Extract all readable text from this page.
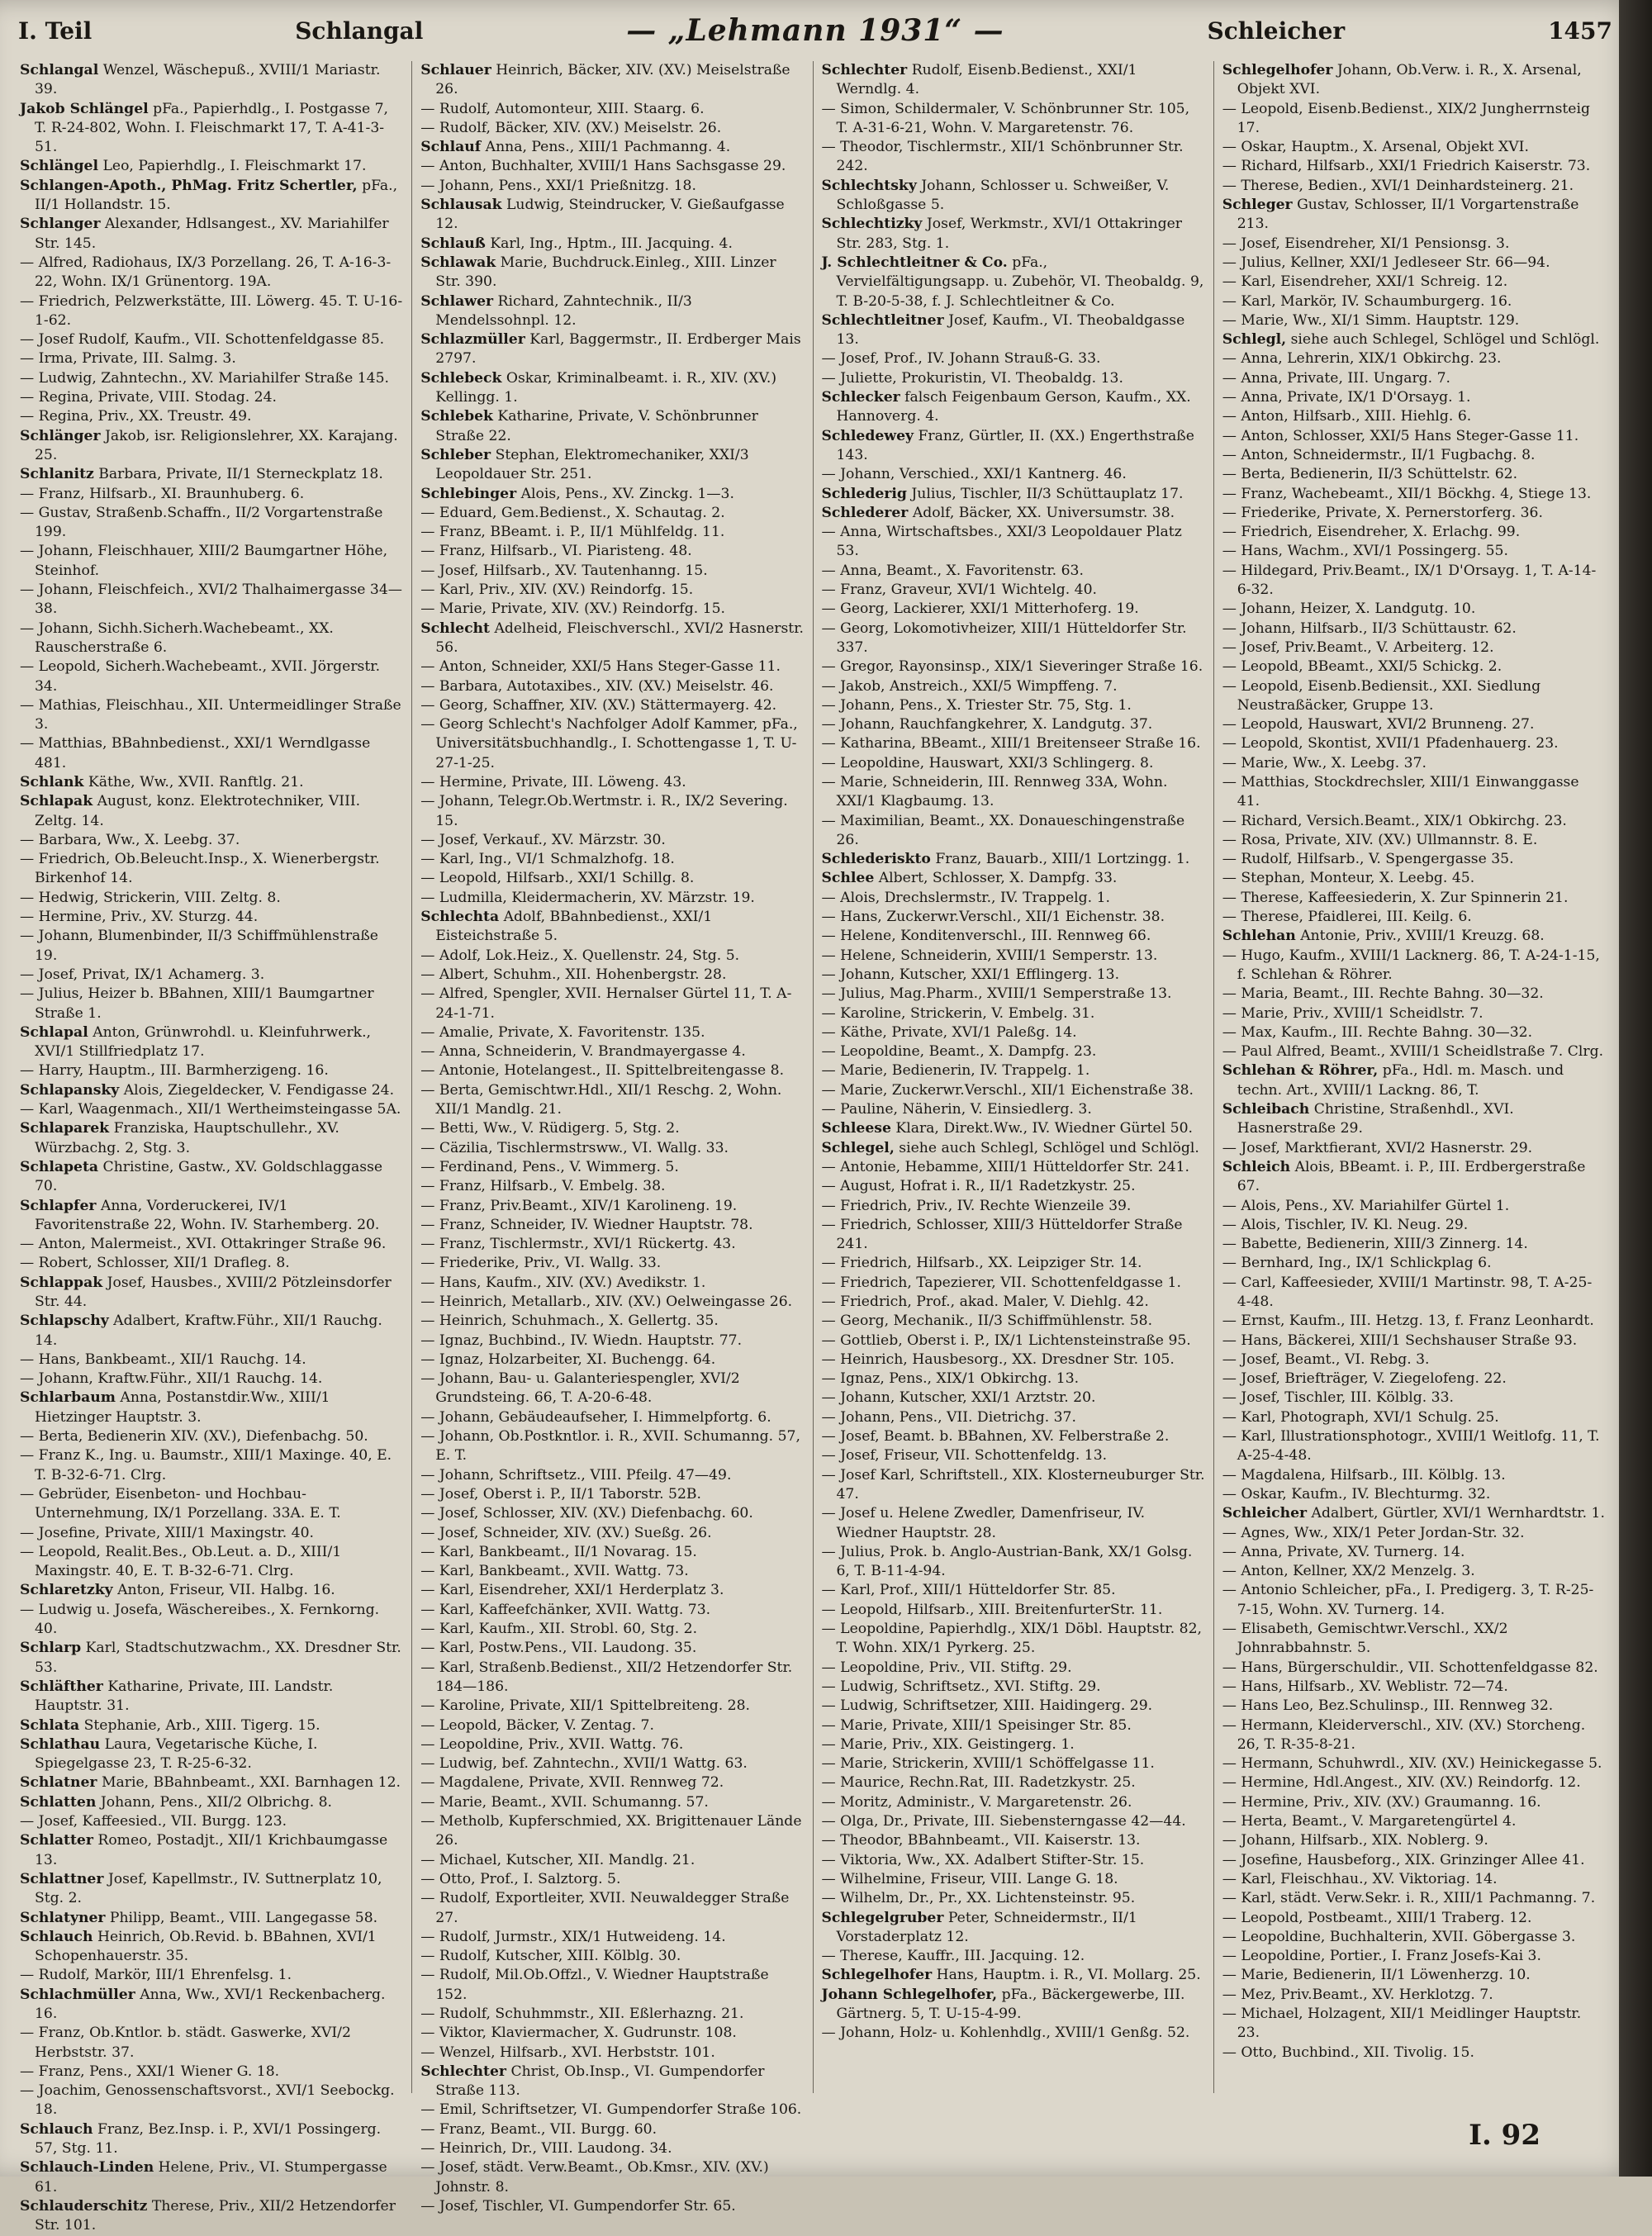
I. Teil	Schlangal	— „Lehmann 1931“ —	Schleicher	1457

Schlangal Wenzel, Wäschepuß., XVIII/1 Mariastr. 39.

Jakob Schlängel pFa., Papierhdlg., I. Postgasse 7, T. R-24-802, Wohn. I. Fleischmarkt 17, T. A-41-3-51.

Schlängel Leo, Papierhdlg., I. Fleischmarkt 17.

Schlangen-Apoth., PhMag. Fritz Schertler, pFa., II/1 Hollandstr. 15.

Schlanger Alexander, Hdlsangest., XV. Mariahilfer Str. 145.

— Alfred, Radiohaus, IX/3 Porzellang. 26, T. A-16-3-22, Wohn. IX/1 Grünentorg. 19A.

— Friedrich, Pelzwerkstätte, III. Löwerg. 45. T. U-16-1-62.

— Josef Rudolf, Kaufm., VII. Schottenfeldgasse 85.

— Irma, Private, III. Salmg. 3.

— Ludwig, Zahntechn., XV. Mariahilfer Straße 145.

— Regina, Private, VIII. Stodag. 24.

— Regina, Priv., XX. Treustr. 49.

Schlänger Jakob, isr. Religionslehrer, XX. Karajang. 25.

Schlanitz Barbara, Private, II/1 Sterneckplatz 18.

— Franz, Hilfsarb., XI. Braunhuberg. 6.

— Gustav, Straßenb.Schaffn., II/2 Vorgartenstraße 199.

— Johann, Fleischhauer, XIII/2 Baumgartner Höhe, Steinhof.

— Johann, Fleischfeich., XVI/2 Thalhaimergasse 34—38.

— Johann, Sichh.Sicherh.Wachebeamt., XX. Rauscherstraße 6.

— Leopold, Sicherh.Wachebeamt., XVII. Jörgerstr. 34.

— Mathias, Fleischhau., XII. Untermeidlinger Straße 3.

— Matthias, BBahnbedienst., XXI/1 Werndlgasse 481.

Schlank Käthe, Ww., XVII. Ranftlg. 21.

Schlapak August, konz. Elektrotechniker, VIII. Zeltg. 14.

— Barbara, Ww., X. Leebg. 37.

— Friedrich, Ob.Beleucht.Insp., X. Wienerbergstr. Birkenhof 14.

— Hedwig, Strickerin, VIII. Zeltg. 8.

— Hermine, Priv., XV. Sturzg. 44.

— Johann, Blumenbinder, II/3 Schiffmühlenstraße 19.

— Josef, Privat, IX/1 Achamerg. 3.

— Julius, Heizer b. BBahnen, XIII/1 Baumgartner Straße 1.

Schlapal Anton, Grünwrohdl. u. Kleinfuhrwerk., XVI/1 Stillfriedplatz 17.

— Harry, Hauptm., III. Barmherzigeng. 16.

Schlapansky Alois, Ziegeldecker, V. Fendigasse 24.

— Karl, Waagenmach., XII/1 Wertheimsteingasse 5A.

Schlaparek Franziska, Hauptschullehr., XV. Würzbachg. 2, Stg. 3.

Schlapeta Christine, Gastw., XV. Goldschlaggasse 70.

Schlapfer Anna, Vorderuckerei, IV/1 Favoritenstraße 22, Wohn. IV. Starhemberg. 20.

— Anton, Malermeist., XVI. Ottakringer Straße 96.

— Robert, Schlosser, XII/1 Drafleg. 8.

Schlappak Josef, Hausbes., XVIII/2 Pötzleinsdorfer Str. 44.

Schlapschy Adalbert, Kraftw.Führ., XII/1 Rauchg. 14.

— Hans, Bankbeamt., XII/1 Rauchg. 14.

— Johann, Kraftw.Führ., XII/1 Rauchg. 14.

Schlarbaum Anna, Postanstdir.Ww., XIII/1 Hietzinger Hauptstr. 3.

— Berta, Bedienerin XIV. (XV.), Diefenbachg. 50.

— Franz K., Ing. u. Baumstr., XIII/1 Maxinge. 40, E. T. B-32-6-71. Clrg.

— Gebrüder, Eisenbeton- und Hochbau-Unternehmung, IX/1 Porzellang. 33A. E. T.

— Josefine, Private, XIII/1 Maxingstr. 40.

— Leopold, Realit.Bes., Ob.Leut. a. D., XIII/1 Maxingstr. 40, E. T. B-32-6-71. Clrg.

Schlaretzky Anton, Friseur, VII. Halbg. 16.

— Ludwig u. Josefa, Wäschereibes., X. Fernkorng. 40.

Schlarp Karl, Stadtschutzwachm., XX. Dresdner Str. 53.

Schläfther Katharine, Private, III. Landstr. Hauptstr. 31.

Schlata Stephanie, Arb., XIII. Tigerg. 15.

Schlathau Laura, Vegetarische Küche, I. Spiegelgasse 23, T. R-25-6-32.

Schlatner Marie, BBahnbeamt., XXI. Barnhagen 12.

Schlatten Johann, Pens., XII/2 Olbrichg. 8.

— Josef, Kaffeesied., VII. Burgg. 123.

Schlatter Romeo, Postadjt., XII/1 Krichbaumgasse 13.

Schlattner Josef, Kapellmstr., IV. Suttnerplatz 10, Stg. 2.

Schlatyner Philipp, Beamt., VIII. Langegasse 58.

Schlauch Heinrich, Ob.Revid. b. BBahnen, XVI/1 Schopenhauerstr. 35.

— Rudolf, Markör, III/1 Ehrenfelsg. 1.

Schlachmüller Anna, Ww., XVI/1 Reckenbacherg. 16.

— Franz, Ob.Kntlor. b. städt. Gaswerke, XVI/2 Herbststr. 37.

— Franz, Pens., XXI/1 Wiener G. 18.

— Joachim, Genossenschaftsvorst., XVI/1 Seebockg. 18.

Schlauch Franz, Bez.Insp. i. P., XVI/1 Possingerg. 57, Stg. 11.

Schlauch-Linden Helene, Priv., VI. Stumpergasse 61.

Schlauderschitz Therese, Priv., XII/2 Hetzendorfer Str. 101.

Schlauer Heinrich, Bäcker, XIV. (XV.) Meiselstraße 26.

— Rudolf, Automonteur, XIII. Staarg. 6.

— Rudolf, Bäcker, XIV. (XV.) Meiselstr. 26.

Schlauf Anna, Pens., XIII/1 Pachmanng. 4.

— Anton, Buchhalter, XVIII/1 Hans Sachsgasse 29.

— Johann, Pens., XXI/1 Prießnitzg. 18.

Schlausak Ludwig, Steindrucker, V. Gießaufgasse 12.

Schlauß Karl, Ing., Hptm., III. Jacquing. 4.

Schlawak Marie, Buchdruck.Einleg., XIII. Linzer Str. 390.

Schlawer Richard, Zahntechnik., II/3 Mendelssohnpl. 12.

Schlazmüller Karl, Baggermstr., II. Erdberger Mais 2797.

Schlebeck Oskar, Kriminalbeamt. i. R., XIV. (XV.) Kellingg. 1.

Schlebek Katharine, Private, V. Schönbrunner Straße 22.

Schleber Stephan, Elektromechaniker, XXI/3 Leopoldauer Str. 251.

Schlebinger Alois, Pens., XV. Zinckg. 1—3.

— Eduard, Gem.Bedienst., X. Schautag. 2.

— Franz, BBeamt. i. P., II/1 Mühlfeldg. 11.

— Franz, Hilfsarb., VI. Piaristeng. 48.

— Josef, Hilfsarb., XV. Tautenhanng. 15.

— Karl, Priv., XIV. (XV.) Reindorfg. 15.

— Marie, Private, XIV. (XV.) Reindorfg. 15.

Schlecht Adelheid, Fleischverschl., XVI/2 Hasnerstr. 56.

— Anton, Schneider, XXI/5 Hans Steger-Gasse 11.

— Barbara, Autotaxibes., XIV. (XV.) Meiselstr. 46.

— Georg, Schaffner, XIV. (XV.) Stättermayerg. 42.

— Georg Schlecht's Nachfolger Adolf Kammer, pFa., Universitätsbuchhandlg., I. Schottengasse 1, T. U-27-1-25.

— Hermine, Private, III. Löweng. 43.

— Johann, Telegr.Ob.Wertmstr. i. R., IX/2 Severing. 15.

— Josef, Verkauf., XV. Märzstr. 30.

— Karl, Ing., VI/1 Schmalzhofg. 18.

— Leopold, Hilfsarb., XXI/1 Schillg. 8.

— Ludmilla, Kleidermacherin, XV. Märzstr. 19.

Schlechta Adolf, BBahnbedienst., XXI/1 Eisteichstraße 5.

— Adolf, Lok.Heiz., X. Quellenstr. 24, Stg. 5.

— Albert, Schuhm., XII. Hohenbergstr. 28.

— Alfred, Spengler, XVII. Hernalser Gürtel 11, T. A-24-1-71.

— Amalie, Private, X. Favoritenstr. 135.

— Anna, Schneiderin, V. Brandmayergasse 4.

— Antonie, Hotelangest., II. Spittelbreitengasse 8.

— Berta, Gemischtwr.Hdl., XII/1 Reschg. 2, Wohn. XII/1 Mandlg. 21.

— Betti, Ww., V. Rüdigerg. 5, Stg. 2.

— Cäzilia, Tischlermstrsww., VI. Wallg. 33.

— Ferdinand, Pens., V. Wimmerg. 5.

— Franz, Hilfsarb., V. Embelg. 38.

— Franz, Priv.Beamt., XIV/1 Karolineng. 19.

— Franz, Schneider, IV. Wiedner Hauptstr. 78.

— Franz, Tischlermstr., XVI/1 Rückertg. 43.

— Friederike, Priv., VI. Wallg. 33.

— Hans, Kaufm., XIV. (XV.) Avedikstr. 1.

— Heinrich, Metallarb., XIV. (XV.) Oelweingasse 26.

— Heinrich, Schuhmach., X. Gellertg. 35.

— Ignaz, Buchbind., IV. Wiedn. Hauptstr. 77.

— Ignaz, Holzarbeiter, XI. Buchengg. 64.

— Johann, Bau- u. Galanteriespengler, XVI/2 Grundsteing. 66, T. A-20-6-48.

— Johann, Gebäudeaufseher, I. Himmelpfortg. 6.

— Johann, Ob.Postkntlor. i. R., XVII. Schumanng. 57, E. T.

— Johann, Schriftsetz., VIII. Pfeilg. 47—49.

— Josef, Oberst i. P., II/1 Taborstr. 52B.

— Josef, Schlosser, XIV. (XV.) Diefenbachg. 60.

— Josef, Schneider, XIV. (XV.) Sueßg. 26.

— Karl, Bankbeamt., II/1 Novarag. 15.

— Karl, Bankbeamt., XVII. Wattg. 73.

— Karl, Eisendreher, XXI/1 Herderplatz 3.

— Karl, Kaffeefchänker, XVII. Wattg. 73.

— Karl, Kaufm., XII. Strobl. 60, Stg. 2.

— Karl, Postw.Pens., VII. Laudong. 35.

— Karl, Straßenb.Bedienst., XII/2 Hetzendorfer Str. 184—186.

— Karoline, Private, XII/1 Spittelbreiteng. 28.

— Leopold, Bäcker, V. Zentag. 7.

— Leopoldine, Priv., XVII. Wattg. 76.

— Ludwig, bef. Zahntechn., XVII/1 Wattg. 63.

— Magdalene, Private, XVII. Rennweg 72.

— Marie, Beamt., XVII. Schumanng. 57.

— Metholb, Kupferschmied, XX. Brigittenauer Lände 26.

— Michael, Kutscher, XII. Mandlg. 21.

— Otto, Prof., I. Salztorg. 5.

— Rudolf, Exportleiter, XVII. Neuwaldegger Straße 27.

— Rudolf, Jurmstr., XIX/1 Hutweideng. 14.

— Rudolf, Kutscher, XIII. Kölblg. 30.

— Rudolf, Mil.Ob.Offzl., V. Wiedner Hauptstraße 152.

— Rudolf, Schuhmmstr., XII. Eßlerhazng. 21.

— Viktor, Klaviermacher, X. Gudrunstr. 108.

— Wenzel, Hilfsarb., XVI. Herbststr. 101.

Schlechter Christ, Ob.Insp., VI. Gumpendorfer Straße 113.

— Emil, Schriftsetzer, VI. Gumpendorfer Straße 106.

— Franz, Beamt., VII. Burgg. 60.

— Heinrich, Dr., VIII. Laudong. 34.

— Josef, städt. Verw.Beamt., Ob.Kmsr., XIV. (XV.) Johnstr. 8.

— Josef, Tischler, VI. Gumpendorfer Str. 65.

Schlechter Rudolf, Eisenb.Bedienst., XXI/1 Werndlg. 4.

— Simon, Schildermaler, V. Schönbrunner Str. 105, T. A-31-6-21, Wohn. V. Margaretenstr. 76.

— Theodor, Tischlermstr., XII/1 Schönbrunner Str. 242.

Schlechtsky Johann, Schlosser u. Schweißer, V. Schloßgasse 5.

Schlechtizky Josef, Werkmstr., XVI/1 Ottakringer Str. 283, Stg. 1.

J. Schlechtleitner & Co. pFa., Vervielfältigungsapp. u. Zubehör, VI. Theobaldg. 9, T. B-20-5-38, f. J. Schlechtleitner & Co.

Schlechtleitner Josef, Kaufm., VI. Theobaldgasse 13.

— Josef, Prof., IV. Johann Strauß-G. 33.

— Juliette, Prokuristin, VI. Theobaldg. 13.

Schlecker falsch Feigenbaum Gerson, Kaufm., XX. Hannoverg. 4.

Schledewey Franz, Gürtler, II. (XX.) Engerthstraße 143.

— Johann, Verschied., XXI/1 Kantnerg. 46.

Schlederig Julius, Tischler, II/3 Schüttauplatz 17.

Schlederer Adolf, Bäcker, XX. Universumstr. 38.

— Anna, Wirtschaftsbes., XXI/3 Leopoldauer Platz 53.

— Anna, Beamt., X. Favoritenstr. 63.

— Franz, Graveur, XVI/1 Wichtelg. 40.

— Georg, Lackierer, XXI/1 Mitterhoferg. 19.

— Georg, Lokomotivheizer, XIII/1 Hütteldorfer Str. 337.

— Gregor, Rayonsinsp., XIX/1 Sieveringer Straße 16.

— Jakob, Anstreich., XXI/5 Wimpffeng. 7.

— Johann, Pens., X. Triester Str. 75, Stg. 1.

— Johann, Rauchfangkehrer, X. Landgutg. 37.

— Katharina, BBeamt., XIII/1 Breitenseer Straße 16.

— Leopoldine, Hauswart, XXI/3 Schlingerg. 8.

— Marie, Schneiderin, III. Rennweg 33A, Wohn. XXI/1 Klagbaumg. 13.

— Maximilian, Beamt., XX. Donaueschingenstraße 26.

Schlederiskto Franz, Bauarb., XIII/1 Lortzingg. 1.

Schlee Albert, Schlosser, X. Dampfg. 33.

— Alois, Drechslermstr., IV. Trappelg. 1.

— Hans, Zuckerwr.Verschl., XII/1 Eichenstr. 38.

— Helene, Konditenverschl., III. Rennweg 66.

— Helene, Schneiderin, XVIII/1 Semperstr. 13.

— Johann, Kutscher, XXI/1 Efflingerg. 13.

— Julius, Mag.Pharm., XVIII/1 Semperstraße 13.

— Karoline, Strickerin, V. Embelg. 31.

— Käthe, Private, XVI/1 Paleßg. 14.

— Leopoldine, Beamt., X. Dampfg. 23.

— Marie, Bedienerin, IV. Trappelg. 1.

— Marie, Zuckerwr.Verschl., XII/1 Eichenstraße 38.

— Pauline, Näherin, V. Einsiedlerg. 3.

Schleese Klara, Direkt.Ww., IV. Wiedner Gürtel 50.

Schlegel, siehe auch Schlegl, Schlögel und Schlögl.

— Antonie, Hebamme, XIII/1 Hütteldorfer Str. 241.

— August, Hofrat i. R., II/1 Radetzkystr. 25.

— Friedrich, Priv., IV. Rechte Wienzeile 39.

— Friedrich, Schlosser, XIII/3 Hütteldorfer Straße 241.

— Friedrich, Hilfsarb., XX. Leipziger Str. 14.

— Friedrich, Tapezierer, VII. Schottenfeldgasse 1.

— Friedrich, Prof., akad. Maler, V. Diehlg. 42.

— Georg, Mechanik., II/3 Schiffmühlenstr. 58.

— Gottlieb, Oberst i. P., IX/1 Lichtensteinstraße 95.

— Heinrich, Hausbesorg., XX. Dresdner Str. 105.

— Ignaz, Pens., XIX/1 Obkirchg. 13.

— Johann, Kutscher, XXI/1 Arztstr. 20.

— Johann, Pens., VII. Dietrichg. 37.

— Josef, Beamt. b. BBahnen, XV. Felberstraße 2.

— Josef, Friseur, VII. Schottenfeldg. 13.

— Josef Karl, Schriftstell., XIX. Klosterneuburger Str. 47.

— Josef u. Helene Zwedler, Damenfriseur, IV. Wiedner Hauptstr. 28.

— Julius, Prok. b. Anglo-Austrian-Bank, XX/1 Golsg. 6, T. B-11-4-94.

— Karl, Prof., XIII/1 Hütteldorfer Str. 85.

— Leopold, Hilfsarb., XIII. BreitenfurterStr. 11.

— Leopoldine, Papierhdlg., XIX/1 Döbl. Hauptstr. 82, T. Wohn. XIX/1 Pyrkerg. 25.

— Leopoldine, Priv., VII. Stiftg. 29.

— Ludwig, Schriftsetz., XVI. Stiftg. 29.

— Ludwig, Schriftsetzer, XIII. Haidingerg. 29.

— Marie, Private, XIII/1 Speisinger Str. 85.

— Marie, Priv., XIX. Geistingerg. 1.

— Marie, Strickerin, XVIII/1 Schöffelgasse 11.

— Maurice, Rechn.Rat, III. Radetzkystr. 25.

— Moritz, Administr., V. Margaretenstr. 26.

— Olga, Dr., Private, III. Siebensterngasse 42—44.

— Theodor, BBahnbeamt., VII. Kaiserstr. 13.

— Viktoria, Ww., XX. Adalbert Stifter-Str. 15.

— Wilhelmine, Friseur, VIII. Lange G. 18.

— Wilhelm, Dr., Pr., XX. Lichtensteinstr. 95.

Schlegelgruber Peter, Schneidermstr., II/1 Vorstaderplatz 12.

— Therese, Kauffr., III. Jacquing. 12.

Schlegelhofer Hans, Hauptm. i. R., VI. Mollarg. 25.

Johann Schlegelhofer, pFa., Bäckergewerbe, III. Gärtnerg. 5, T. U-15-4-99.

— Johann, Holz- u. Kohlenhdlg., XVIII/1 Genßg. 52.

Schlegelhofer Johann, Ob.Verw. i. R., X. Arsenal, Objekt XVI.

— Leopold, Eisenb.Bedienst., XIX/2 Jungherrnsteig 17.

— Oskar, Hauptm., X. Arsenal, Objekt XVI.

— Richard, Hilfsarb., XXI/1 Friedrich Kaiserstr. 73.

— Therese, Bedien., XVI/1 Deinhardsteinerg. 21.

Schleger Gustav, Schlosser, II/1 Vorgartenstraße 213.

— Josef, Eisendreher, XI/1 Pensionsg. 3.

— Julius, Kellner, XXI/1 Jedleseer Str. 66—94.

— Karl, Eisendreher, XXI/1 Schreig. 12.

— Karl, Markör, IV. Schaumburgerg. 16.

— Marie, Ww., XI/1 Simm. Hauptstr. 129.

Schlegl, siehe auch Schlegel, Schlögel und Schlögl.

— Anna, Lehrerin, XIX/1 Obkirchg. 23.

— Anna, Private, III. Ungarg. 7.

— Anna, Private, IX/1 D'Orsayg. 1.

— Anton, Hilfsarb., XIII. Hiehlg. 6.

— Anton, Schlosser, XXI/5 Hans Steger-Gasse 11.

— Anton, Schneidermstr., II/1 Fugbachg. 8.

— Berta, Bedienerin, II/3 Schüttelstr. 62.

— Franz, Wachebeamt., XII/1 Böckhg. 4, Stiege 13.

— Friederike, Private, X. Pernerstorferg. 36.

— Friedrich, Eisendreher, X. Erlachg. 99.

— Hans, Wachm., XVI/1 Possingerg. 55.

— Hildegard, Priv.Beamt., IX/1 D'Orsayg. 1, T. A-14-6-32.

— Johann, Heizer, X. Landgutg. 10.

— Johann, Hilfsarb., II/3 Schüttaustr. 62.

— Josef, Priv.Beamt., V. Arbeiterg. 12.

— Leopold, BBeamt., XXI/5 Schickg. 2.

— Leopold, Eisenb.Bediensit., XXI. Siedlung Neustraßäcker, Gruppe 13.

— Leopold, Hauswart, XVI/2 Brunneng. 27.

— Leopold, Skontist, XVII/1 Pfadenhauerg. 23.

— Marie, Ww., X. Leebg. 37.

— Matthias, Stockdrechsler, XIII/1 Einwanggasse 41.

— Richard, Versich.Beamt., XIX/1 Obkirchg. 23.

— Rosa, Private, XIV. (XV.) Ullmannstr. 8. E.

— Rudolf, Hilfsarb., V. Spengergasse 35.

— Stephan, Monteur, X. Leebg. 45.

— Therese, Kaffeesiederin, X. Zur Spinnerin 21.

— Therese, Pfaidlerei, III. Keilg. 6.

Schlehan Antonie, Priv., XVIII/1 Kreuzg. 68.

— Hugo, Kaufm., XVIII/1 Lacknerg. 86, T. A-24-1-15, f. Schlehan & Röhrer.

— Maria, Beamt., III. Rechte Bahng. 30—32.

— Marie, Priv., XVIII/1 Scheidlstr. 7.

— Max, Kaufm., III. Rechte Bahng. 30—32.

— Paul Alfred, Beamt., XVIII/1 Scheidlstraße 7. Clrg.

Schlehan & Röhrer, pFa., Hdl. m. Masch. und techn. Art., XVIII/1 Lackng. 86, T.

Schleibach Christine, Straßenhdl., XVI. Hasnerstraße 29.

— Josef, Marktfierant, XVI/2 Hasnerstr. 29.

Schleich Alois, BBeamt. i. P., III. Erdbergerstraße 67.

— Alois, Pens., XV. Mariahilfer Gürtel 1.

— Alois, Tischler, IV. Kl. Neug. 29.

— Babette, Bedienerin, XIII/3 Zinnerg. 14.

— Bernhard, Ing., IX/1 Schlickplag 6.

— Carl, Kaffeesieder, XVIII/1 Martinstr. 98, T. A-25-4-48.

— Ernst, Kaufm., III. Hetzg. 13, f. Franz Leonhardt.

— Hans, Bäckerei, XIII/1 Sechshauser Straße 93.

— Josef, Beamt., VI. Rebg. 3.

— Josef, Briefträger, V. Ziegelofeng. 22.

— Josef, Tischler, III. Kölblg. 33.

— Karl, Photograph, XVI/1 Schulg. 25.

— Karl, Illustrationsphotogr., XVIII/1 Weitlofg. 11, T. A-25-4-48.

— Magdalena, Hilfsarb., III. Kölblg. 13.

— Oskar, Kaufm., IV. Blechturmg. 32.

Schleicher Adalbert, Gürtler, XVI/1 Wernhardtstr. 1.

— Agnes, Ww., XIX/1 Peter Jordan-Str. 32.

— Anna, Private, XV. Turnerg. 14.

— Anton, Kellner, XX/2 Menzelg. 3.

— Antonio Schleicher, pFa., I. Predigerg. 3, T. R-25-7-15, Wohn. XV. Turnerg. 14.

— Elisabeth, Gemischtwr.Verschl., XX/2 Johnrabbahnstr. 5.

— Hans, Bürgerschuldir., VII. Schottenfeldgasse 82.

— Hans, Hilfsarb., XV. Weblistr. 72—74.

— Hans Leo, Bez.Schulinsp., III. Rennweg 32.

— Hermann, Kleiderverschl., XIV. (XV.) Storcheng. 26, T. R-35-8-21.

— Hermann, Schuhwrdl., XIV. (XV.) Heinickegasse 5.

— Hermine, Hdl.Angest., XIV. (XV.) Reindorfg. 12.

— Hermine, Priv., XIV. (XV.) Graumanng. 16.

— Herta, Beamt., V. Margaretengürtel 4.

— Johann, Hilfsarb., XIX. Noblerg. 9.

— Josefine, Hausbeforg., XIX. Grinzinger Allee 41.

— Karl, Fleischhau., XV. Viktoriag. 14.

— Karl, städt. Verw.Sekr. i. R., XIII/1 Pachmanng. 7.

— Leopold, Postbeamt., XIII/1 Traberg. 12.

— Leopoldine, Buchhalterin, XVII. Göbergasse 3.

— Leopoldine, Portier., I. Franz Josefs-Kai 3.

— Marie, Bedienerin, II/1 Löwenherzg. 10.

— Mez, Priv.Beamt., XV. Herklotzg. 7.

— Michael, Holzagent, XII/1 Meidlinger Hauptstr. 23.

— Otto, Buchbind., XII. Tivolig. 15.

I. 92
